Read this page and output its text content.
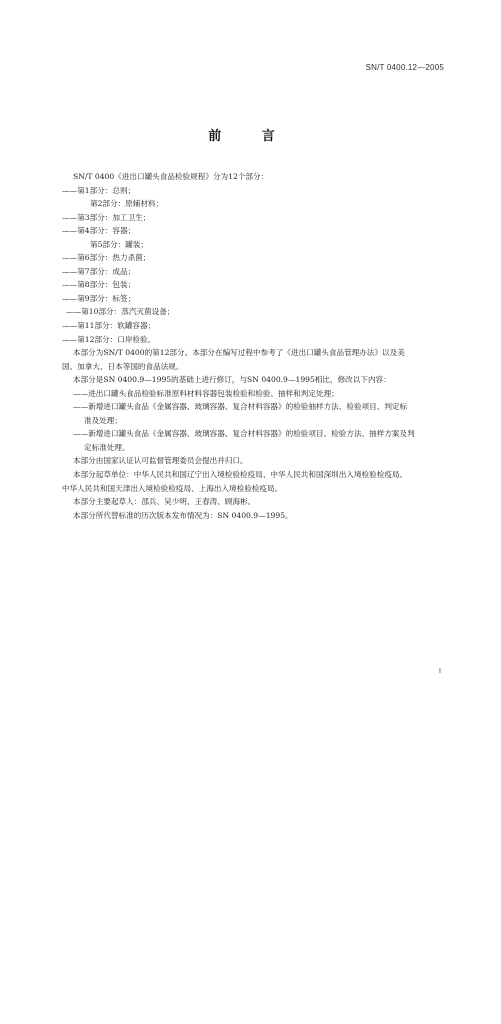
SN/T 0400.12—2005
前 言
SN/T 0400《进出口罐头食品检验规程》分为12个部分：
——第1部分：总则；
第2部分：原辅材料；
——第3部分：加工卫生；
——第4部分：容器；
第5部分：罐装；
——第6部分：热力杀菌；
——第7部分：成品；
——第8部分：包装；
——第9部分：标签；
——第10部分：蒸汽灭菌设备；
——第11部分：软罐容器；
——第12部分：口岸检验。
本部分为SN/T 0400的第12部分。本部分在编写过程中参考了《进出口罐头食品管理办法》以及美
国、加拿大、日本等国的食品法规。
本部分是SN 0400.9—1995的基础上进行修订，与SN 0400.9—1995相比，修改以下内容：
——进出口罐头食品检验标准原料材料容器包装检验和检验、抽样和判定处理；
——新增进口罐头食品《金属容器、玻璃容器、复合材料容器》的检验抽样方法、检验项目、判定标
准及处理；
——新增进口罐头食品《金属容器、玻璃容器、复合材料容器》的检验项目、检验方法、抽样方案及判
定标准处理。
本部分由国家认证认可监督管理委员会提出并归口。
本部分起草单位：中华人民共和国辽宁出入境检验检疫局、中华人民共和国深圳出入境检验检疫局、
中华人民共和国天津出入境检验检疫局、上海出入境检验检疫局。
本部分主要起草人：邵兵、吴少明、王春涛、顾海彬。
本部分所代替标准的历次版本发布情况为：SN 0400.9—1995。
I
